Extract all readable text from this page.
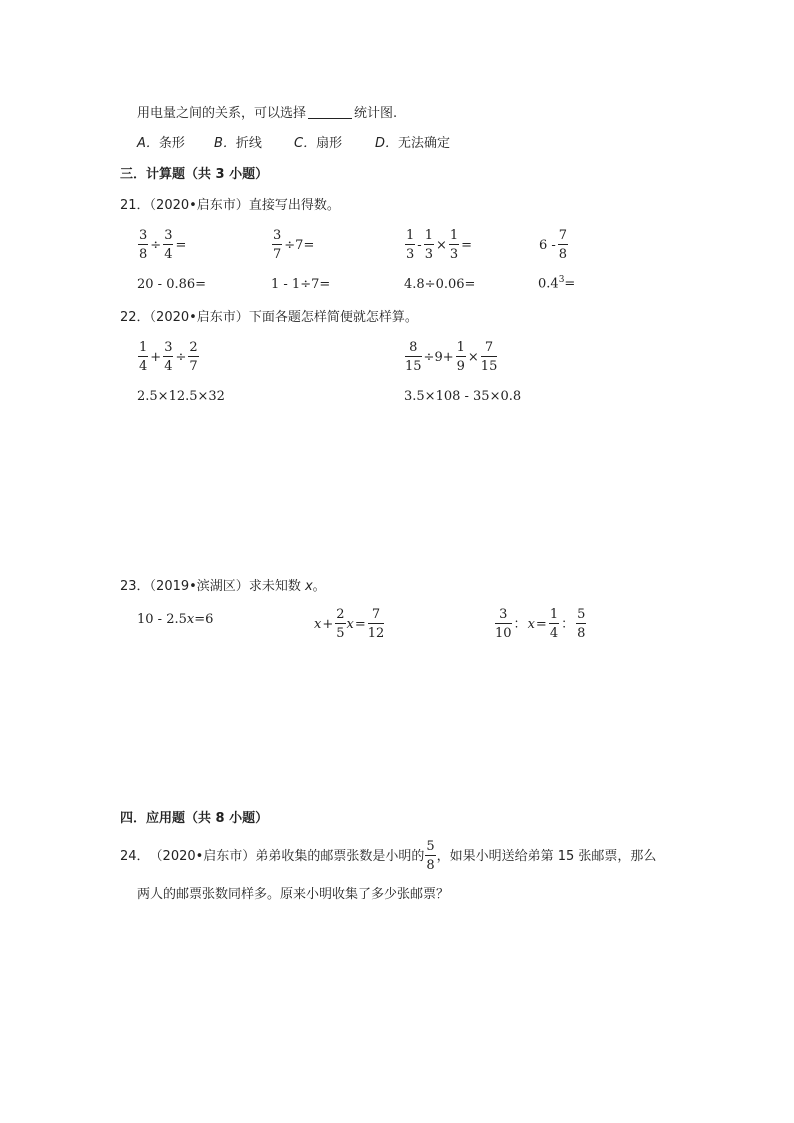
用电量之间的关系，可以选择	统计图.
A．条形 B．折线 C．扇形	D．无法确定
三．计算题（共 3 小题）
21．（2020•启东市）直接写出得数。
$\frac{3}{8} \div \frac{3}{4}$ =	$\frac{3}{7} \div 7=$	$\frac{1}{3} - \frac{1}{3} \times \frac{1}{3}$ =	$6 - \frac{7}{8}$
20 - 0.86=	1 - 1÷7=	4.8÷0.06=	$0.4^3=$
22．（2020•启东市）下面各题怎样简便就怎样算。
$\frac{1}{4} + \frac{3}{4} \div \frac{2}{7}$	$\frac{8}{15} \div 9+ \frac{1}{9} \times \frac{7}{15}$
2.5×12.5×32	3.5×108 - 35×0.8
23．（2019•滨湖区）求未知数 x。
10 - 2.5x=6	$x + \frac{2}{5}$ $x = \frac{7}{12}$	$\frac{3}{10}$ ： $x = \frac{1}{4}$ ： $\frac{5}{8}$
四．应用题（共 8 小题）
24． （2020•启东市） 弟弟收集的邮票张数是小明的 $\frac{5}{8}$ ，如果小明送给弟第 15 张邮票，那么
两人的邮票张数同样多。原来小明收集了多少张邮票？
